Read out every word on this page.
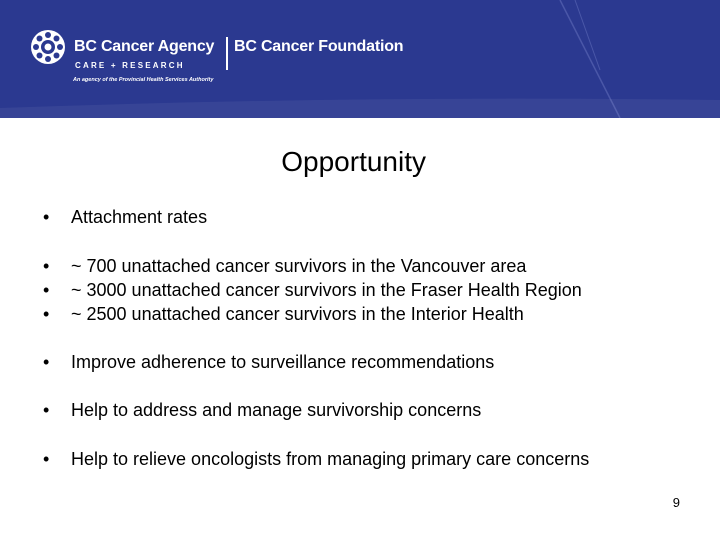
BC Cancer Agency BC Cancer Foundation
CARE + RESEARCH
An agency of the Provincial Health Services Authority
Opportunity
• Attachment rates
• ~ 700 unattached cancer survivors in the Vancouver area
• ~ 3000 unattached cancer survivors in the Fraser Health Region
• ~ 2500 unattached cancer survivors in the Interior Health
• Improve adherence to surveillance recommendations
• Help to address and manage survivorship concerns
• Help to relieve oncologists from managing primary care concerns
9
